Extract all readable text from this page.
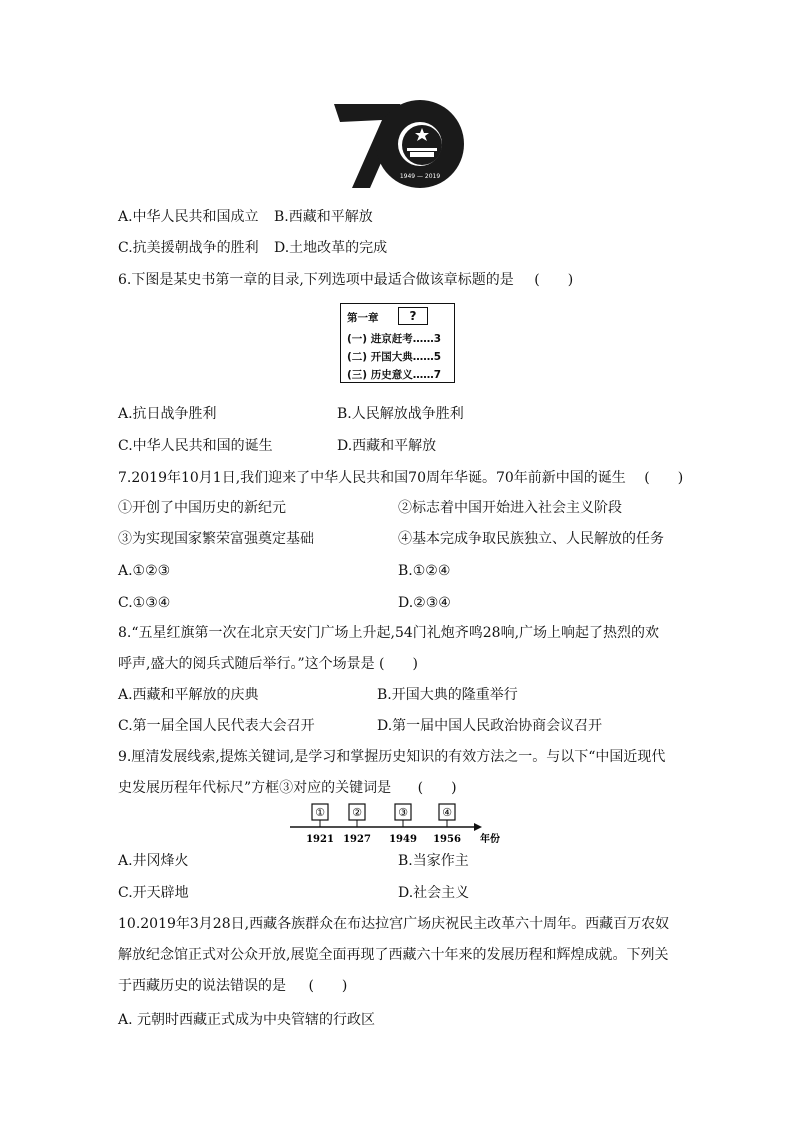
1949 — 2019
A.中华人民共和国成立 B.西藏和平解放
C.抗美援朝战争的胜利 D.土地改革的完成
6.下图是某史书第一章的目录,下列选项中最适合做该章标题的是 (　　)
第一章	?
(一) 进京赶考……3
(二) 开国大典……5
(三) 历史意义……7
A.抗日战争胜利	B.人民解放战争胜利
C.中华人民共和国的诞生	D.西藏和平解放
7.2019年10月1日,我们迎来了中华人民共和国70周年华诞。70年前新中国的诞生 (　　)
①开创了中国历史的新纪元	②标志着中国开始进入社会主义阶段
③为实现国家繁荣富强奠定基础	④基本完成争取民族独立、人民解放的任务
A.①②③	B.①②④
C.①③④	D.②③④
8.“五星红旗第一次在北京天安门广场上升起,54门礼炮齐鸣28响,广场上响起了热烈的欢
呼声,盛大的阅兵式随后举行。”这个场景是 (　　)
A.西藏和平解放的庆典	B.开国大典的隆重举行
C.第一届全国人民代表大会召开	D.第一届中国人民政治协商会议召开
9.厘清发展线索,提炼关键词,是学习和掌握历史知识的有效方法之一。与以下“中国近现代
史发展历程年代标尺”方框③对应的关键词是 (　　)
① ②	③	④
1921 1927 1949 1956 年份
A.井冈烽火	B.当家作主
C.开天辟地	D.社会主义
10.2019年3月28日,西藏各族群众在布达拉宫广场庆祝民主改革六十周年。西藏百万农奴
解放纪念馆正式对公众开放,展览全面再现了西藏六十年来的发展历程和辉煌成就。下列关
于西藏历史的说法错误的是 (　　)
A. 元朝时西藏正式成为中央管辖的行政区
